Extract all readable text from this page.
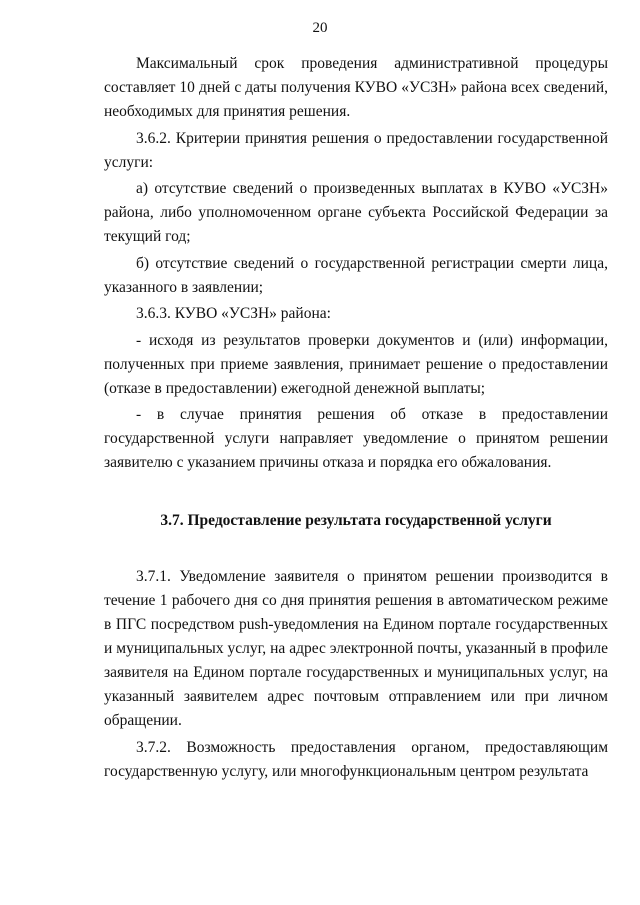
20

Максимальный срок проведения административной процедуры составляет 10 дней с даты получения КУВО «УСЗН» района всех сведений, необходимых для принятия решения.

3.6.2. Критерии принятия решения о предоставлении государственной услуги:

а) отсутствие сведений о произведенных выплатах в КУВО «УСЗН» района, либо уполномоченном органе субъекта Российской Федерации за текущий год;

б) отсутствие сведений о государственной регистрации смерти лица, указанного в заявлении;

3.6.3. КУВО «УСЗН» района:

- исходя из результатов проверки документов и (или) информации, полученных при приеме заявления, принимает решение о предоставлении (отказе в предоставлении) ежегодной денежной выплаты;

- в случае принятия решения об отказе в предоставлении государственной услуги направляет уведомление о принятом решении заявителю с указанием причины отказа и порядка его обжалования.

3.7. Предоставление результата государственной услуги

3.7.1. Уведомление заявителя о принятом решении производится в течение 1 рабочего дня со дня принятия решения в автоматическом режиме в ПГС посредством push-уведомления на Едином портале государственных и муниципальных услуг, на адрес электронной почты, указанный в профиле заявителя на Едином портале государственных и муниципальных услуг, на указанный заявителем адрес почтовым отправлением или при личном обращении.

3.7.2. Возможность предоставления органом, предоставляющим государственную услугу, или многофункциональным центром результата
